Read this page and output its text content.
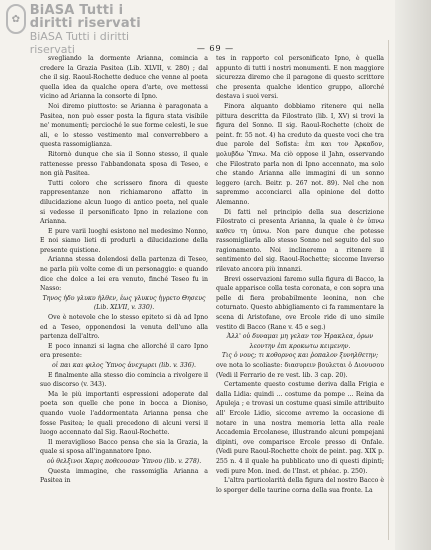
✿
BiASA Tutti i diritti riservati
BiASA Tutti i diritti riservati	— 69 —

svegliando la dormente Arianna, comincia a credere la Grazia Pasitea (Lib. XLVII, v. 280) ; dal che il sig. Raoul-Rochette deduce che venne al poeta quella idea da qualche opera d'arte, ove mettessi vicino ad Arianna la consorte di Ipno.

Noi diremo piuttosto: se Arianna è paragonata a Pasitea, non può esser posta la figura stata visibile ne' monumenti; percioché le sue forme celesti, le sue ali, e lo stesso vestimento mal converrebbero a questa rassomiglianza.

Ritornò dunque che sia il Sonno stesso, il quale rattenesse presso l'abbandonata sposa di Teseo, e non già Pasitea.

Tutti coloro che scrissero finora di queste rappresentanze non richiamarono affatto in dilucidazione alcun luogo di antico poeta, nel quale si vedesse il personificato Ipno in relazione con Arianna.

E pure varii luoghi esistono nel medesimo Nonno, E noi siamo lieti di produrli a dilucidazione della presente quistione.

Arianna stessa dolendosi della partenza di Teseo, ne parla più volte come di un personaggio: e quando dice che dolce a lei era venuto, finché Teseo fu in Nasso:

Τηνος ἡδυ γλυκυ ἠλθεν, ἑως γλυκυς ἠγρετο Θησευς

(Lib. XLVII, v. 330).

Ove è notevole che lo stesso epiteto si dà ad Ipno ed a Teseo, opponendosi la venuta dell'uno alla partenza dell'altro.

E poco innanzi si lagna che allorché il caro Ipno era presente:

οἱ παι και φιλος Ὑπνος ἀνεχωρει (lib. v. 336).

E finalmente alla stesso dio comincia a rivolgere il suo discorso (v. 343).

Ma le più importanti espressioni adoperate dal poeta son quelle che pone in bocca a Dioniso, quando vuole l'addormentata Arianna pensa che fosse Pasitea; le quali precedono di alcuni versi il luogo accennato dal Sig. Raoul-Rochette.

Il meraviglioso Bacco pensa che sia la Grazia, la quale si sposa all'ingannatore Ipno.

οὐ θελξινοι Χαρις ποθεουσαν Ὑπνου (lib. v. 278).

Questa immagine, che rassomiglia Arianna a Pasitea in

tes in rapporto col personificato Ipno, è quella appunto di tutti i nostri monumenti. E non maggiore sicurezza diremo che il paragone di questo scrittore che presenta qualche identico gruppo, allorché destava i suoi versi.

Finora alquanto dobbiamo ritenere qui nella pittura descritta da Filostrato (lib. I, XV) si trovi la figura del Sonno. Il sig. Raoul-Rochette (choix de peint. fr. 55 not. 4) ha creduto da queste voci che tra due parole del Sofista: ἐπι και τον Ἀρκαδον, μολυβδω Ὑπνω. Ma ciò oppose il Jahn, osservando che Filostrato parla non di Ipno accennato, ma solo che stando Arianna alle immagini di un sonno leggero (arch. Beitr. p. 267 not. 89). Nel che non sapremmo acconciarci alla opinione del dotto Alemanno.

Di fatti nel principio della sua descrizione Filostrato ci presenta Arianna, la quale è ἐν ὑπνω καθευ τη ὑπνω. Non pare dunque che potesse rassomigliarla allo stesso Sonno nel seguito del suo ragionamento. Noi inclineremo a ritenere il sentimento del sig. Raoul-Rochette; siccome Inverso rilevato ancora più innanzi.

Brevi osservazioni faremo sulla figura di Bacco, la quale apparisce colla testa coronata, e con sopra una pelle di fiera probabilmente leonina, non che coturnato. Questo abbigliamento ci fa rammentare la scena di Aristofane, ove Ercole ride di uno simile vestito di Bacco (Rane v. 45 e seg.)

Ἀλλ' οὐ δυναμαι μη γελαν τον Ἡρακλεα, ὁρων λεοντην ἐπι κροκωτω κειμενην.

Τις ὁ νους; τι κοθορνος και ῥοπαλον ξυνηλθετην;

ove nota lo scoliaste: διασυρειν βουλεται ὁ Διονυσου (Vedi il Ferrario de re vest. lib. 3 cap. 20).

Certamente questo costume deriva dalla Frigia e dalla Lidia: quindi ... costume da pompe ... Reina da Apuleja ; e trovasi un costume quasi simile attribuito all' Ercole Lidio, siccome avremo la occasione di notare in una nostra memoria letta alla reale Accademia Ercolanese, illustrando alcuni pompejani dipinti, ove comparisce Ercole presso di Onfale. (Vedi pure Raoul-Rochette choix de peint. pag. XIX p. 255 n. 4 il quale ha pubblicato uno di questi dipinti; vedi pure Mon. ined. de l'Inst. et phéac. p. 250).

L'altra particolarità della figura del nostro Bacco è lo sporger delle taurine corna della sua fronte. La
